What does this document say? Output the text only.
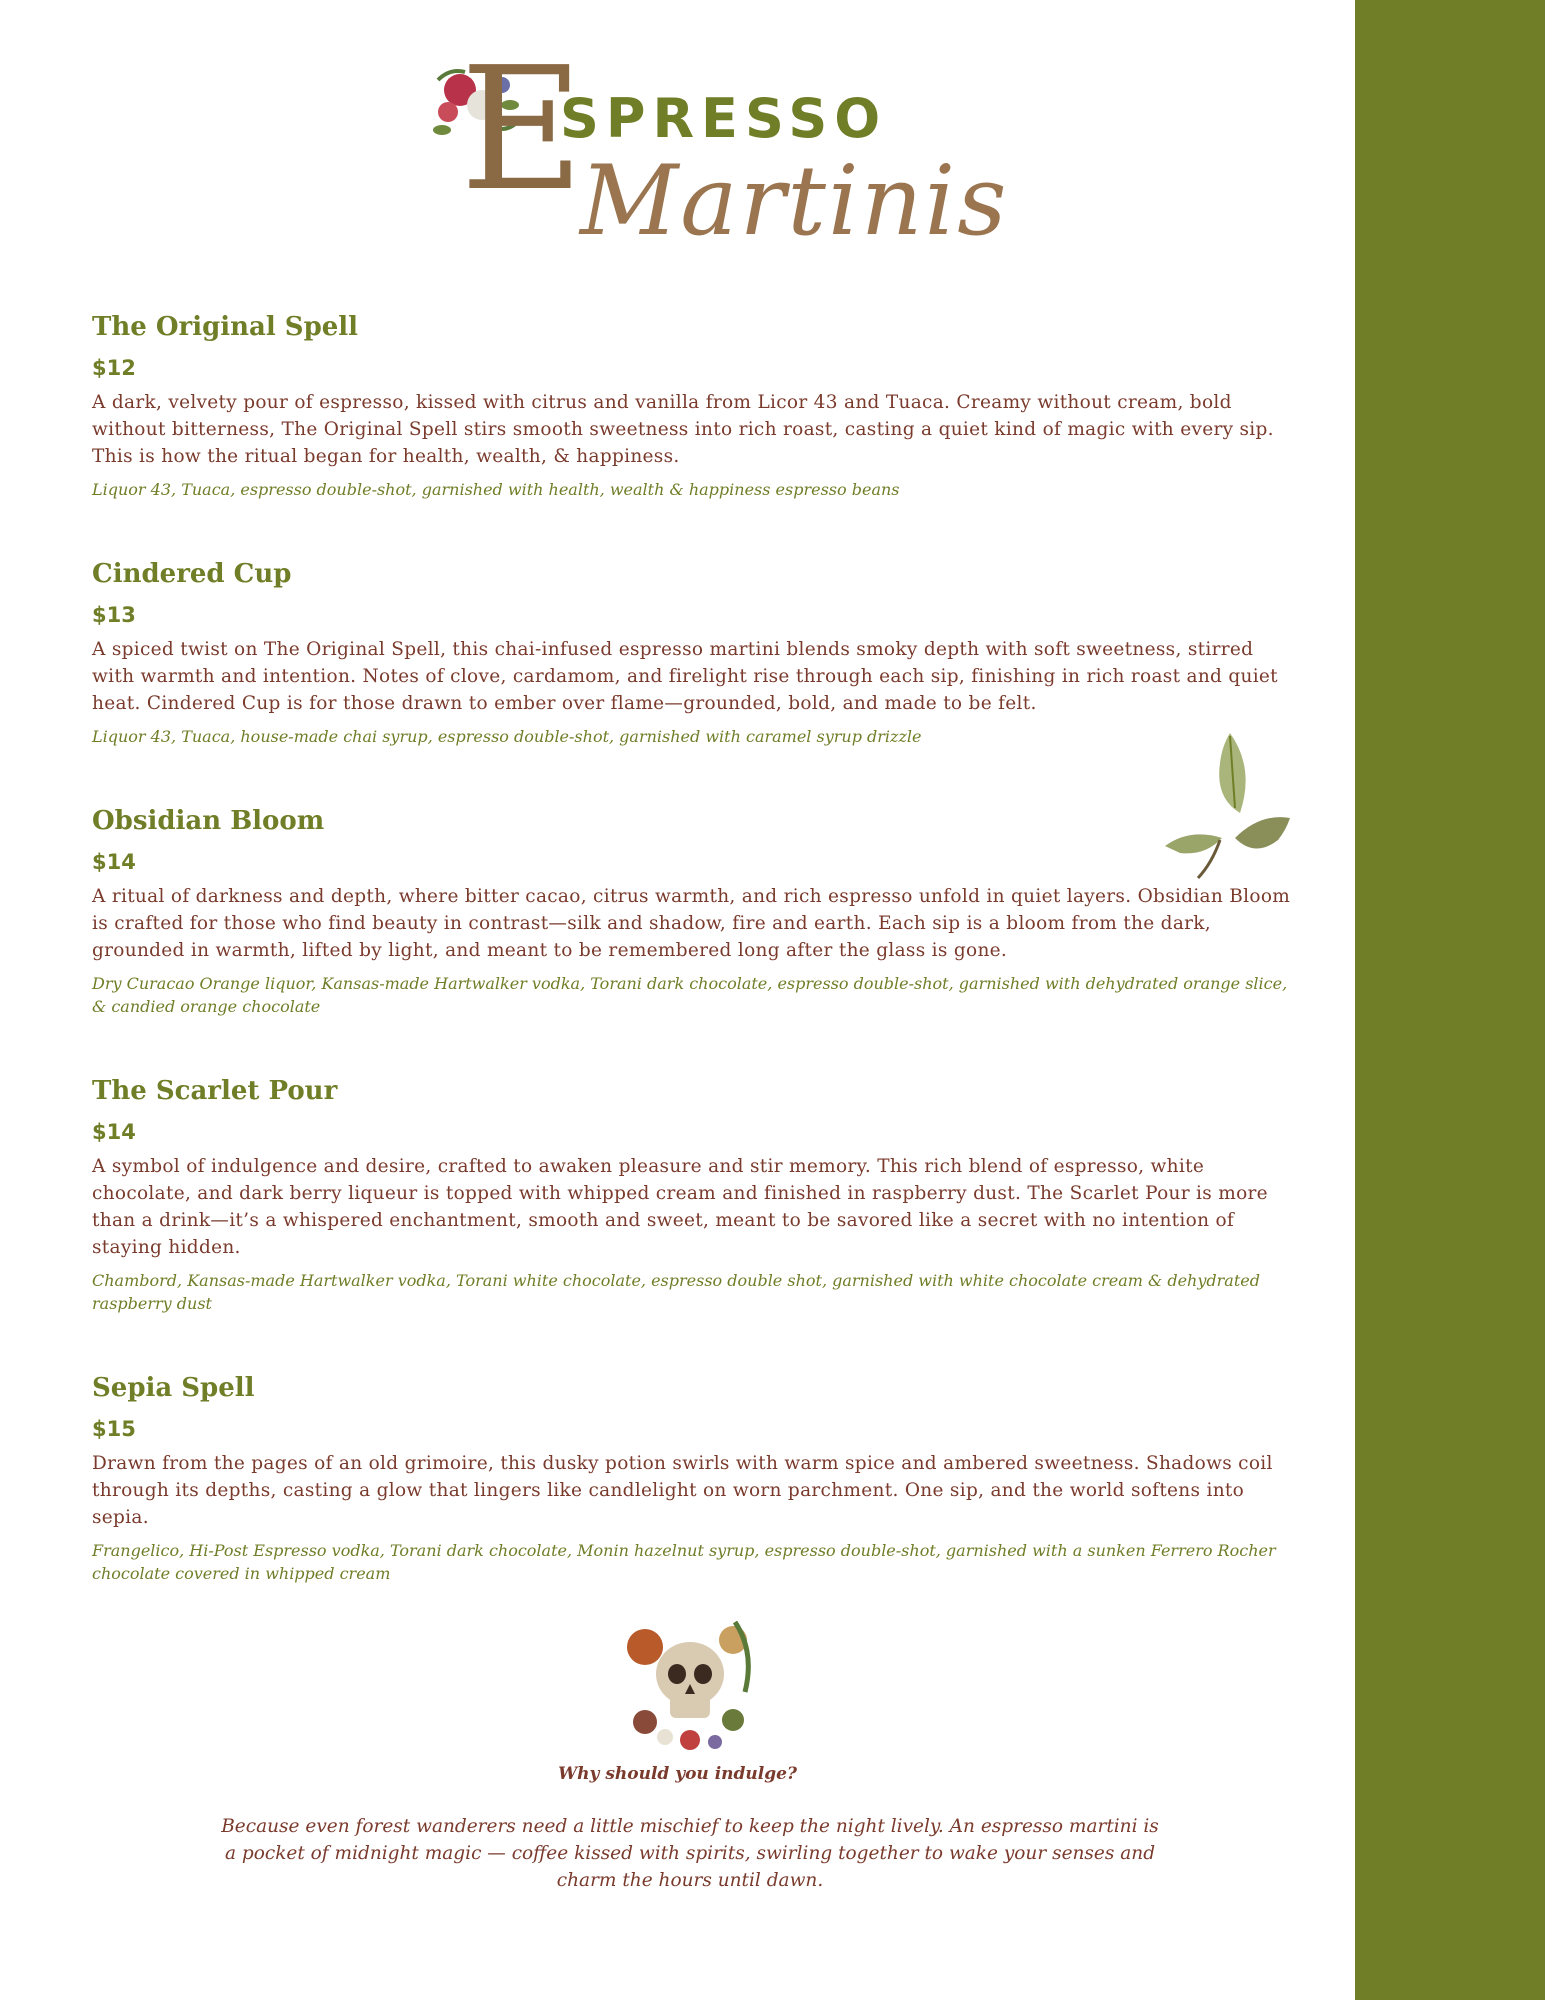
E
SPRESSO
Martinis
The Original Spell
$12
A dark, velvety pour of espresso, kissed with citrus and vanilla from Licor 43 and Tuaca. Creamy without cream, bold without bitterness, The Original Spell stirs smooth sweetness into rich roast, casting a quiet kind of magic with every sip. This is how the ritual began for health, wealth, & happiness.
Liquor 43, Tuaca, espresso double-shot, garnished with health, wealth & happiness espresso beans
Cindered Cup
$13
A spiced twist on The Original Spell, this chai-infused espresso martini blends smoky depth with soft sweetness, stirred with warmth and intention. Notes of clove, cardamom, and firelight rise through each sip, finishing in rich roast and quiet heat. Cindered Cup is for those drawn to ember over flame—grounded, bold, and made to be felt.
Liquor 43, Tuaca, house-made chai syrup, espresso double-shot, garnished with caramel syrup drizzle
Obsidian Bloom
$14
A ritual of darkness and depth, where bitter cacao, citrus warmth, and rich espresso unfold in quiet layers. Obsidian Bloom is crafted for those who find beauty in contrast—silk and shadow, fire and earth. Each sip is a bloom from the dark, grounded in warmth, lifted by light, and meant to be remembered long after the glass is gone.
Dry Curacao Orange liquor, Kansas-made Hartwalker vodka, Torani dark chocolate, espresso double-shot, garnished with dehydrated orange slice, & candied orange chocolate
The Scarlet Pour
$14
A symbol of indulgence and desire, crafted to awaken pleasure and stir memory. This rich blend of espresso, white chocolate, and dark berry liqueur is topped with whipped cream and finished in raspberry dust. The Scarlet Pour is more than a drink—it’s a whispered enchantment, smooth and sweet, meant to be savored like a secret with no intention of staying hidden.
Chambord, Kansas-made Hartwalker vodka, Torani white chocolate, espresso double shot, garnished with white chocolate cream & dehydrated raspberry dust
Sepia Spell
$15
Drawn from the pages of an old grimoire, this dusky potion swirls with warm spice and ambered sweetness. Shadows coil through its depths, casting a glow that lingers like candlelight on worn parchment. One sip, and the world softens into sepia.
Frangelico, Hi-Post Espresso vodka, Torani dark chocolate, Monin hazelnut syrup, espresso double-shot, garnished with a sunken Ferrero Rocher chocolate covered in whipped cream
Why should you indulge?
Because even forest wanderers need a little mischief to keep the night lively. An espresso martini is a pocket of midnight magic — coffee kissed with spirits, swirling together to wake your senses and charm the hours until dawn.
